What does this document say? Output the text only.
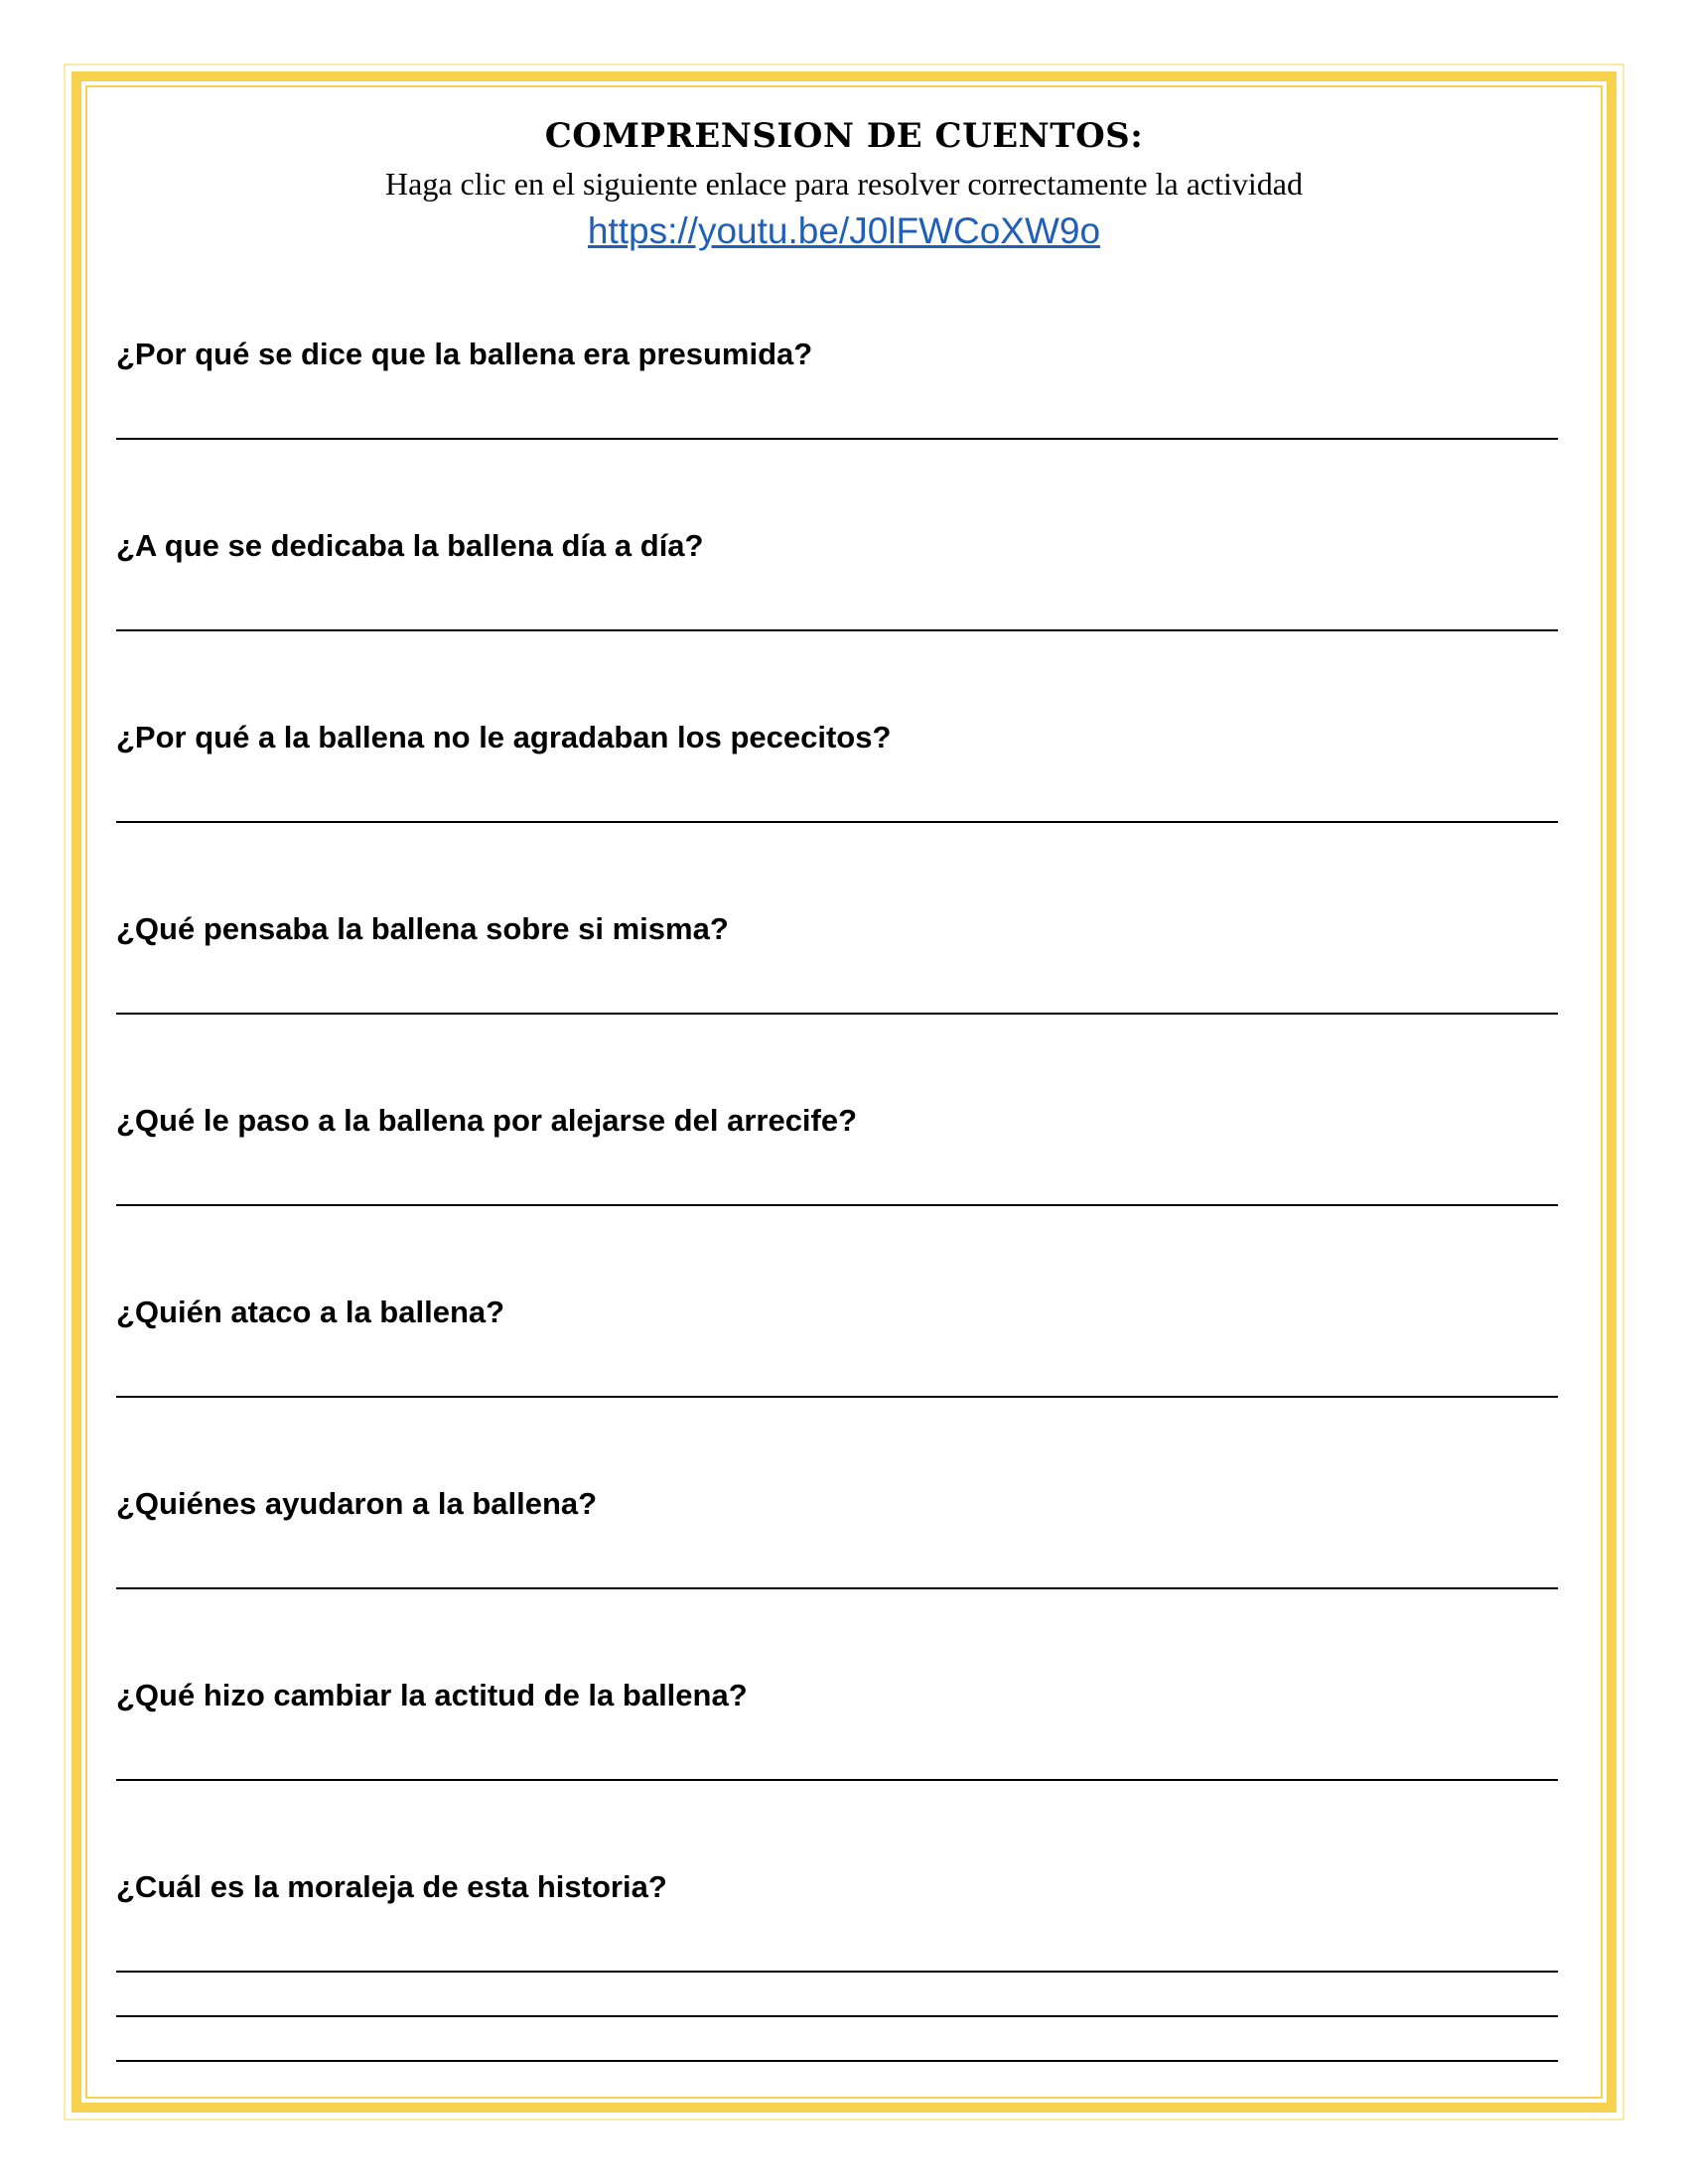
COMPRENSION DE CUENTOS:

Haga clic en el siguiente enlace para resolver correctamente la actividad

https://youtu.be/J0lFWCoXW9o
¿Por qué se dice que la ballena era presumida?
¿A que se dedicaba la ballena día a día?
¿Por qué a la ballena no le agradaban los pececitos?
¿Qué pensaba la ballena sobre si misma?
¿Qué le paso a la ballena por alejarse del arrecife?
¿Quién ataco a la ballena?
¿Quiénes ayudaron a la ballena?
¿Qué hizo cambiar la actitud de la ballena?
¿Cuál es la moraleja de esta historia?
